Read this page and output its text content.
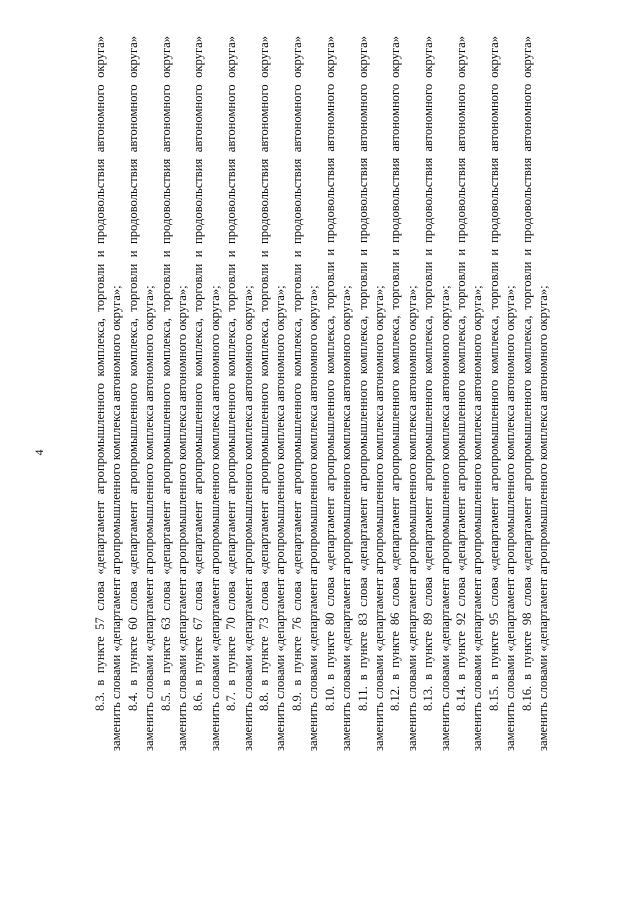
4	8.3. в пункте 57 слова «департамент агропромышленного комплекса, торговли и продовольствия автономного округа» заменить словами «департамент агропромышленного комплекса автономного округа»; 8.4. в пункте 60 слова «департамент агропромышленного комплекса, торговли и продовольствия автономного округа» заменить словами «департамент агропромышленного комплекса автономного округа»; 8.5. в пункте 63 слова «департамент агропромышленного комплекса, торговли и продовольствия автономного округа» заменить словами «департамент агропромышленного комплекса автономного округа»; 8.6. в пункте 67 слова «департамент агропромышленного комплекса, торговли и продовольствия автономного округа» заменить словами «департамент агропромышленного комплекса автономного округа»; 8.7. в пункте 70 слова «департамент агропромышленного комплекса, торговли и продовольствия автономного округа» заменить словами «департамент агропромышленного комплекса автономного округа»; 8.8. в пункте 73 слова «департамент агропромышленного комплекса, торговли и продовольствия автономного округа» заменить словами «департамент агропромышленного комплекса автономного округа»; 8.9. в пункте 76 слова «департамент агропромышленного комплекса, торговли и продовольствия автономного округа» заменить словами «департамент агропромышленного комплекса автономного округа»; 8.10. в пункте 80 слова «департамент агропромышленного комплекса, торговли и продовольствия автономного округа» заменить словами «департамент агропромышленного комплекса автономного округа»; 8.11. в пункте 83 слова «департамент агропромышленного комплекса, торговли и продовольствия автономного округа» заменить словами «департамент агропромышленного комплекса автономного округа»; 8.12. в пункте 86 слова «департамент агропромышленного комплекса, торговли и продовольствия автономного округа» заменить словами «департамент агропромышленного комплекса автономного округа»; 8.13. в пункте 89 слова «департамент агропромышленного комплекса, торговли и продовольствия автономного округа» заменить словами «департамент агропромышленного комплекса автономного округа»; 8.14. в пункте 92 слова «департамент агропромышленного комплекса, торговли и продовольствия автономного округа» заменить словами «департамент агропромышленного комплекса автономного округа»; 8.15. в пункте 95 слова «департамент агропромышленного комплекса, торговли и продовольствия автономного округа» заменить словами «департамент агропромышленного комплекса автономного округа»; 8.16. в пункте 98 слова «департамент агропромышленного комплекса, торговли и продовольствия автономного округа» заменить словами «департамент агропромышленного комплекса автономного округа»;
